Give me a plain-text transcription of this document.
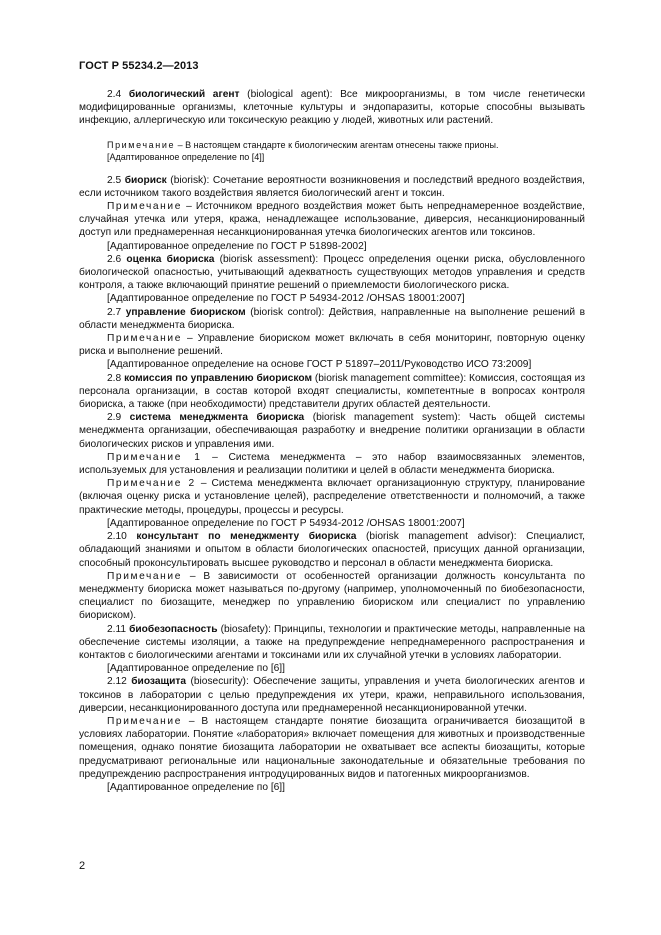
ГОСТ Р 55234.2—2013

2.4 биологический агент (biological agent): Все микроорганизмы, в том числе генетически модифицированные организмы, клеточные культуры и эндопаразиты, которые способны вызывать инфекцию, аллергическую или токсическую реакцию у людей, животных или растений.

Примечание – В настоящем стандарте к биологическим агентам отнесены также прионы.

[Адаптированное определение по [4]]

2.5 биориск (biorisk): Сочетание вероятности возникновения и последствий вредного воздействия, если источником такого воздействия является биологический агент и токсин.

Примечание – Источником вредного воздействия может быть непреднамеренное воздействие, случайная утечка или утеря, кража, ненадлежащее использование, диверсия, несанкционированный доступ или преднамеренная несанкционированная утечка биологических агентов или токсинов.

[Адаптированное определение по ГОСТ Р 51898-2002]

2.6 оценка биориска (biorisk assessment): Процесс определения оценки риска, обусловленного биологической опасностью, учитывающий адекватность существующих методов управления и средств контроля, а также включающий принятие решений о приемлемости биологического риска.

[Адаптированное определение по ГОСТ Р 54934-2012 /OHSAS 18001:2007]

2.7 управление биориском (biorisk control): Действия, направленные на выполнение решений в области менеджмента биориска.

Примечание – Управление биориском может включать в себя мониторинг, повторную оценку риска и выполнение решений.

[Адаптированное определение на основе ГОСТ Р 51897–2011/Руководство ИСО 73:2009]

2.8 комиссия по управлению биориском (biorisk management committee): Комиссия, состоящая из персонала организации, в состав которой входят специалисты, компетентные в вопросах контроля биориска, а также (при необходимости) представители других областей деятельности.

2.9 система менеджмента биориска (biorisk management system): Часть общей системы менеджмента организации, обеспечивающая разработку и внедрение политики организации в области биологических рисков и управления ими.

Примечание 1 – Система менеджмента – это набор взаимосвязанных элементов, используемых для установления и реализации политики и целей в области менеджмента биориска.

Примечание 2 – Система менеджмента включает организационную структуру, планирование (включая оценку риска и установление целей), распределение ответственности и полномочий, а также практические методы, процедуры, процессы и ресурсы.

[Адаптированное определение по ГОСТ Р 54934-2012 /OHSAS 18001:2007]

2.10 консультант по менеджменту биориска (biorisk management advisor): Специалист, обладающий знаниями и опытом в области биологических опасностей, присущих данной организации, способный проконсультировать высшее руководство и персонал в области менеджмента биориска.

Примечание – В зависимости от особенностей организации должность консультанта по менеджменту биориска может называться по-другому (например, уполномоченный по биобезопасности, специалист по биозащите, менеджер по управлению биориском или специалист по управлению биориском).

2.11 биобезопасность (biosafety): Принципы, технологии и практические методы, направленные на обеспечение системы изоляции, а также на предупреждение непреднамеренного распространения и контактов с биологическими агентами и токсинами или их случайной утечки в условиях лаборатории.

[Адаптированное определение по [6]]

2.12 биозащита (biosecurity): Обеспечение защиты, управления и учета биологических агентов и токсинов в лаборатории с целью предупреждения их утери, кражи, неправильного использования, диверсии, несанкционированного доступа или преднамеренной несанкционированной утечки.

Примечание – В настоящем стандарте понятие биозащита ограничивается биозащитой в условиях лаборатории. Понятие «лаборатория» включает помещения для животных и производственные помещения, однако понятие биозащита лаборатории не охватывает все аспекты биозащиты, которые предусматривают региональные или национальные законодательные и обязательные требования по предупреждению распространения интродуцированных видов и патогенных микроорганизмов.

[Адаптированное определение по [6]]

2
